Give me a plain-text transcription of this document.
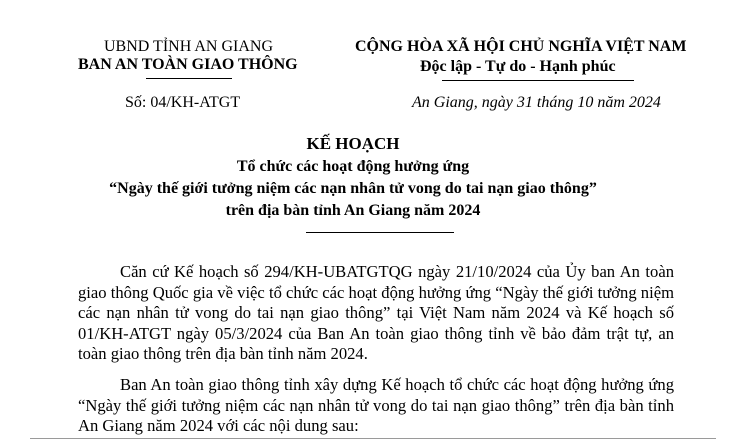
UBND TỈNH AN GIANG
BAN AN TOÀN GIAO THÔNG
CỘNG HÒA XÃ HỘI CHỦ NGHĨA VIỆT NAM
Độc lập - Tự do - Hạnh phúc
Số: 04/KH-ATGT	An Giang, ngày 31 tháng 10 năm 2024
KẾ HOẠCH
Tổ chức các hoạt động hưởng ứng
“Ngày thế giới tưởng niệm các nạn nhân tử vong do tai nạn giao thông”
trên địa bàn tỉnh An Giang năm 2024

Căn cứ Kế hoạch số 294/KH-UBATGTQG ngày 21/10/2024 của Ủy ban An toàn giao thông Quốc gia về việc tổ chức các hoạt động hưởng ứng “Ngày thế giới tưởng niệm các nạn nhân tử vong do tai nạn giao thông” tại Việt Nam năm 2024 và Kế hoạch số 01/KH-ATGT ngày 05/3/2024 của Ban An toàn giao thông tỉnh về bảo đảm trật tự, an toàn giao thông trên địa bàn tỉnh năm 2024.

Ban An toàn giao thông tỉnh xây dựng Kế hoạch tổ chức các hoạt động hưởng ứng “Ngày thế giới tưởng niệm các nạn nhân tử vong do tai nạn giao thông” trên địa bàn tỉnh An Giang năm 2024 với các nội dung sau:
